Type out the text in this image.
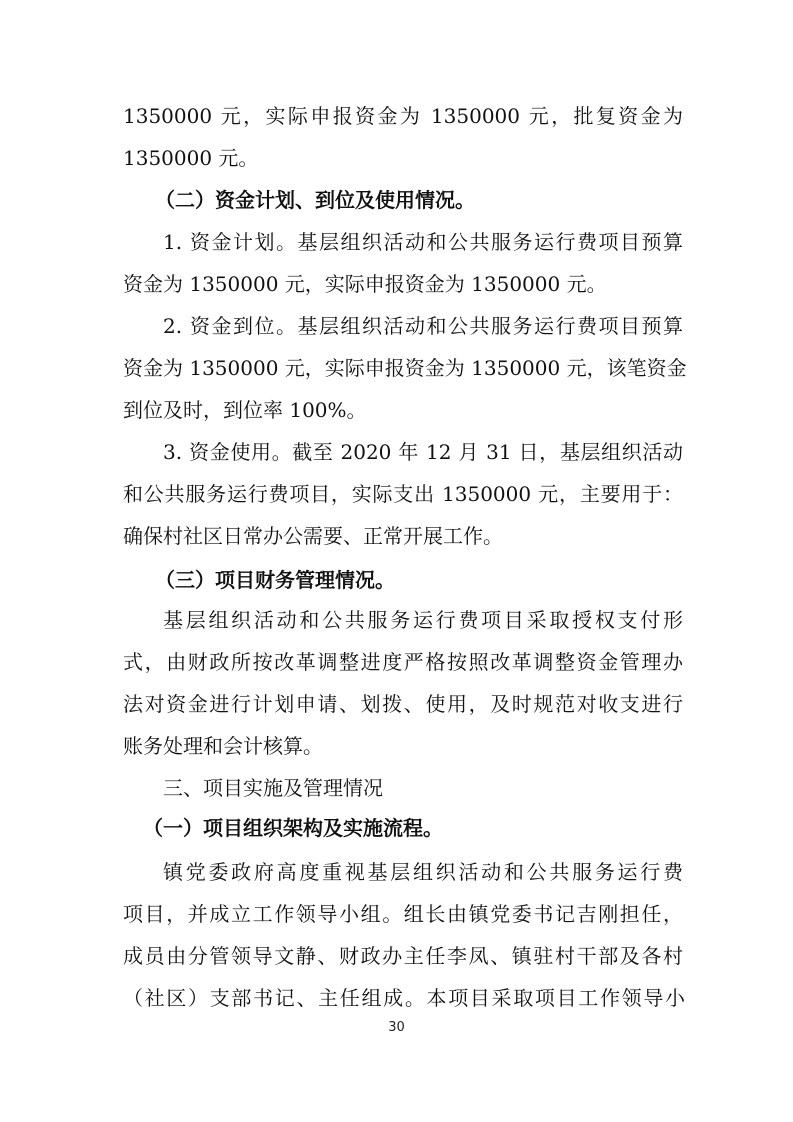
1350000 元，实际申报资金为 1350000 元，批复资金为
1350000 元。
（二）资金计划、到位及使用情况。
1. 资金计划。基层组织活动和公共服务运行费项目预算
资金为 1350000 元，实际申报资金为 1350000 元。
2. 资金到位。基层组织活动和公共服务运行费项目预算
资金为 1350000 元，实际申报资金为 1350000 元，该笔资金
到位及时，到位率 100%。
3. 资金使用。截至 2020 年 12 月 31 日，基层组织活动
和公共服务运行费项目，实际支出 1350000 元，主要用于：
确保村社区日常办公需要、正常开展工作。
（三）项目财务管理情况。
基层组织活动和公共服务运行费项目采取授权支付形
式，由财政所按改革调整进度严格按照改革调整资金管理办
法对资金进行计划申请、划拨、使用，及时规范对收支进行
账务处理和会计核算。
三、项目实施及管理情况
（一）项目组织架构及实施流程。
镇党委政府高度重视基层组织活动和公共服务运行费
项目，并成立工作领导小组。组长由镇党委书记吉刚担任，
成员由分管领导文静、财政办主任李凤、镇驻村干部及各村
（社区）支部书记、主任组成。本项目采取项目工作领导小
30
